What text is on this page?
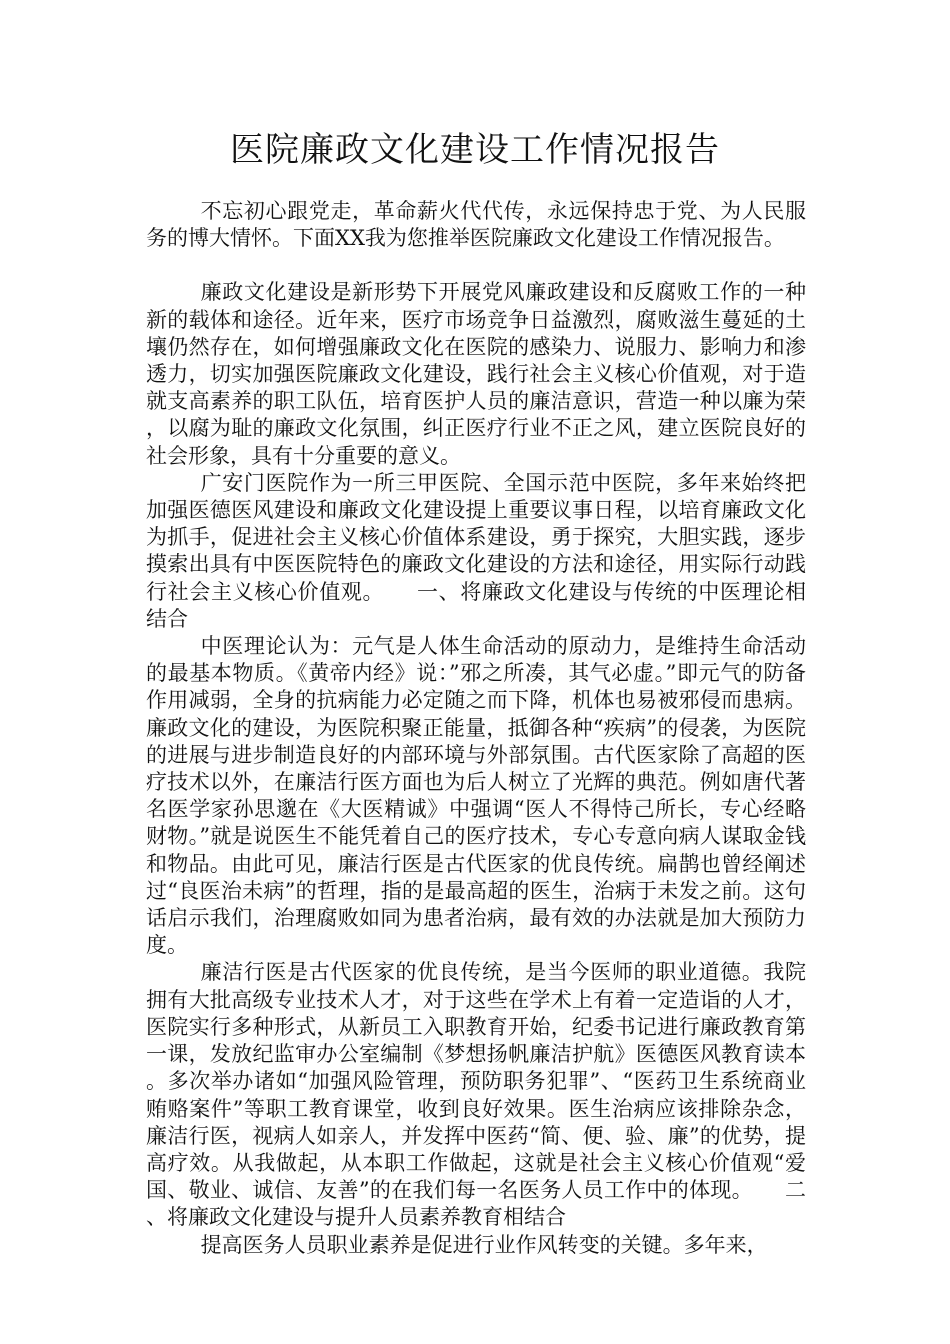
医院廉政文化建设工作情况报告

不忘初心跟党走，革命薪火代代传，永远保持忠于党、为人民服务的博大情怀。下面XX我为您推举医院廉政文化建设工作情况报告。

廉政文化建设是新形势下开展党风廉政建设和反腐败工作的一种新的载体和途径。近年来，医疗市场竞争日益激烈，腐败滋生蔓延的土壤仍然存在，如何增强廉政文化在医院的感染力、说服力、影响力和渗透力，切实加强医院廉政文化建设，践行社会主义核心价值观，对于造就支高素养的职工队伍，培育医护人员的廉洁意识，营造一种以廉为荣，以腐为耻的廉政文化氛围，纠正医疗行业不正之风，建立医院良好的社会形象，具有十分重要的意义。

广安门医院作为一所三甲医院、全国示范中医院，多年来始终把加强医德医风建设和廉政文化建设提上重要议事日程，以培育廉政文化为抓手，促进社会主义核心价值体系建设，勇于探究，大胆实践，逐步摸索出具有中医医院特色的廉政文化建设的方法和途径，用实际行动践行社会主义核心价值观。　　一、将廉政文化建设与传统的中医理论相结合

中医理论认为：元气是人体生命活动的原动力，是维持生命活动的最基本物质。《黄帝内经》说：”邪之所凑，其气必虚。”即元气的防备作用减弱，全身的抗病能力必定随之而下降，机体也易被邪侵而患病。廉政文化的建设，为医院积聚正能量，抵御各种“疾病”的侵袭，为医院的进展与进步制造良好的内部环境与外部氛围。古代医家除了高超的医疗技术以外，在廉洁行医方面也为后人树立了光辉的典范。例如唐代著名医学家孙思邈在《大医精诚》中强调“医人不得恃己所长，专心经略财物。”就是说医生不能凭着自己的医疗技术，专心专意向病人谋取金钱和物品。由此可见，廉洁行医是古代医家的优良传统。扁鹊也曾经阐述过“良医治未病”的哲理，指的是最高超的医生，治病于未发之前。这句话启示我们，治理腐败如同为患者治病，最有效的办法就是加大预防力度。

廉洁行医是古代医家的优良传统，是当今医师的职业道德。我院拥有大批高级专业技术人才，对于这些在学术上有着一定造诣的人才，医院实行多种形式，从新员工入职教育开始，纪委书记进行廉政教育第一课，发放纪监审办公室编制《梦想扬帆廉洁护航》医德医风教育读本。多次举办诸如“加强风险管理，预防职务犯罪”、“医药卫生系统商业贿赂案件”等职工教育课堂，收到良好效果。医生治病应该排除杂念，廉洁行医，视病人如亲人，并发挥中医药“简、便、验、廉”的优势，提高疗效。从我做起，从本职工作做起，这就是社会主义核心价值观“爱国、敬业、诚信、友善”的在我们每一名医务人员工作中的体现。　　二、将廉政文化建设与提升人员素养教育相结合

提高医务人员职业素养是促进行业作风转变的关键。多年来，
